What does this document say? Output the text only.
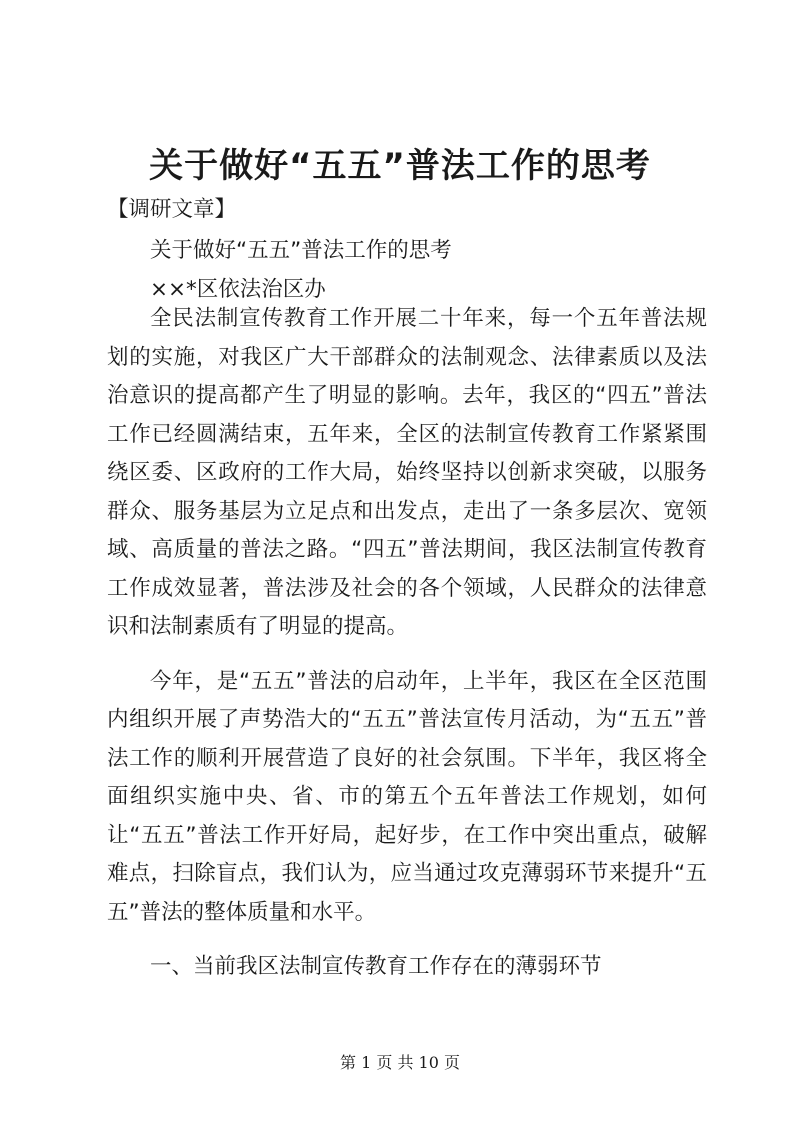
关于做好“五五”普法工作的思考
【调研文章】
关于做好“五五”普法工作的思考
××*区依法治区办

全民法制宣传教育工作开展二十年来，每一个五年普法规划的实施，对我区广大干部群众的法制观念、法律素质以及法治意识的提高都产生了明显的影响。去年，我区的“四五”普法工作已经圆满结束，五年来，全区的法制宣传教育工作紧紧围绕区委、区政府的工作大局，始终坚持以创新求突破，以服务群众、服务基层为立足点和出发点，走出了一条多层次、宽领域、高质量的普法之路。“四五”普法期间，我区法制宣传教育工作成效显著，普法涉及社会的各个领域，人民群众的法律意识和法制素质有了明显的提高。

今年，是“五五”普法的启动年，上半年，我区在全区范围内组织开展了声势浩大的“五五”普法宣传月活动，为“五五”普法工作的顺利开展营造了良好的社会氛围。下半年，我区将全面组织实施中央、省、市的第五个五年普法工作规划，如何让“五五”普法工作开好局，起好步，在工作中突出重点，破解难点，扫除盲点，我们认为，应当通过攻克薄弱环节来提升“五五”普法的整体质量和水平。

一、当前我区法制宣传教育工作存在的薄弱环节

第 1 页 共 10 页
